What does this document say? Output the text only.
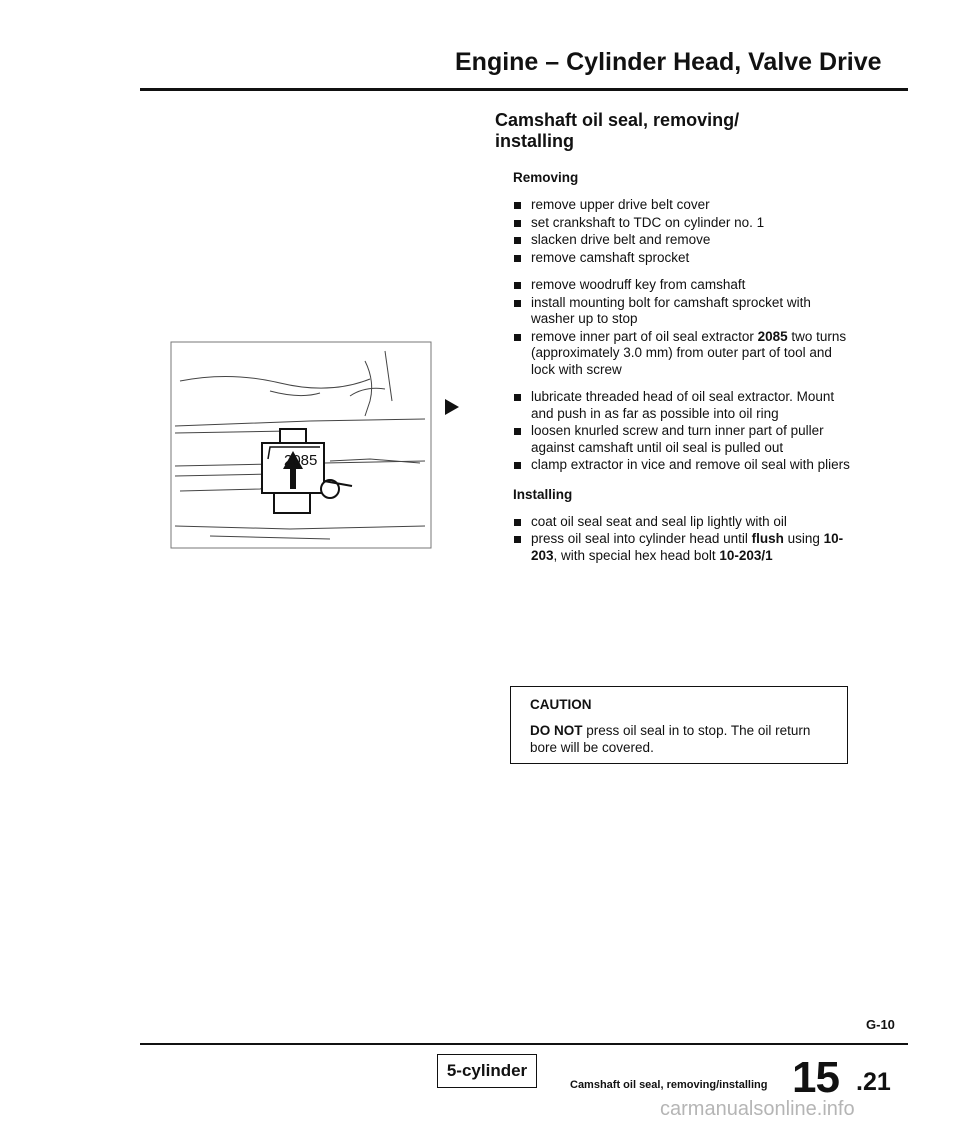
Engine – Cylinder Head, Valve Drive
Camshaft oil seal, removing/ installing
Removing
remove upper drive belt cover
set crankshaft to TDC on cylinder no. 1
slacken drive belt and remove
remove camshaft sprocket
remove woodruff key from camshaft
install mounting bolt for camshaft sprocket with washer up to stop
remove inner part of oil seal extractor 2085 two turns (approximately 3.0 mm) from outer part of tool and lock with screw
lubricate threaded head of oil seal extractor. Mount and push in as far as possible into oil ring
loosen knurled screw and turn inner part of puller against camshaft until oil seal is pulled out
clamp extractor in vice and remove oil seal with pliers
Installing
coat oil seal seat and seal lip lightly with oil
press oil seal into cylinder head until flush using 10-203, with special hex head bolt 10-203/1
CAUTION
DO NOT press oil seal in to stop. The oil return bore will be covered.
2085
G-10
5-cylinder
Camshaft oil seal, removing/installing 15 .21
carmanualsonline.info
